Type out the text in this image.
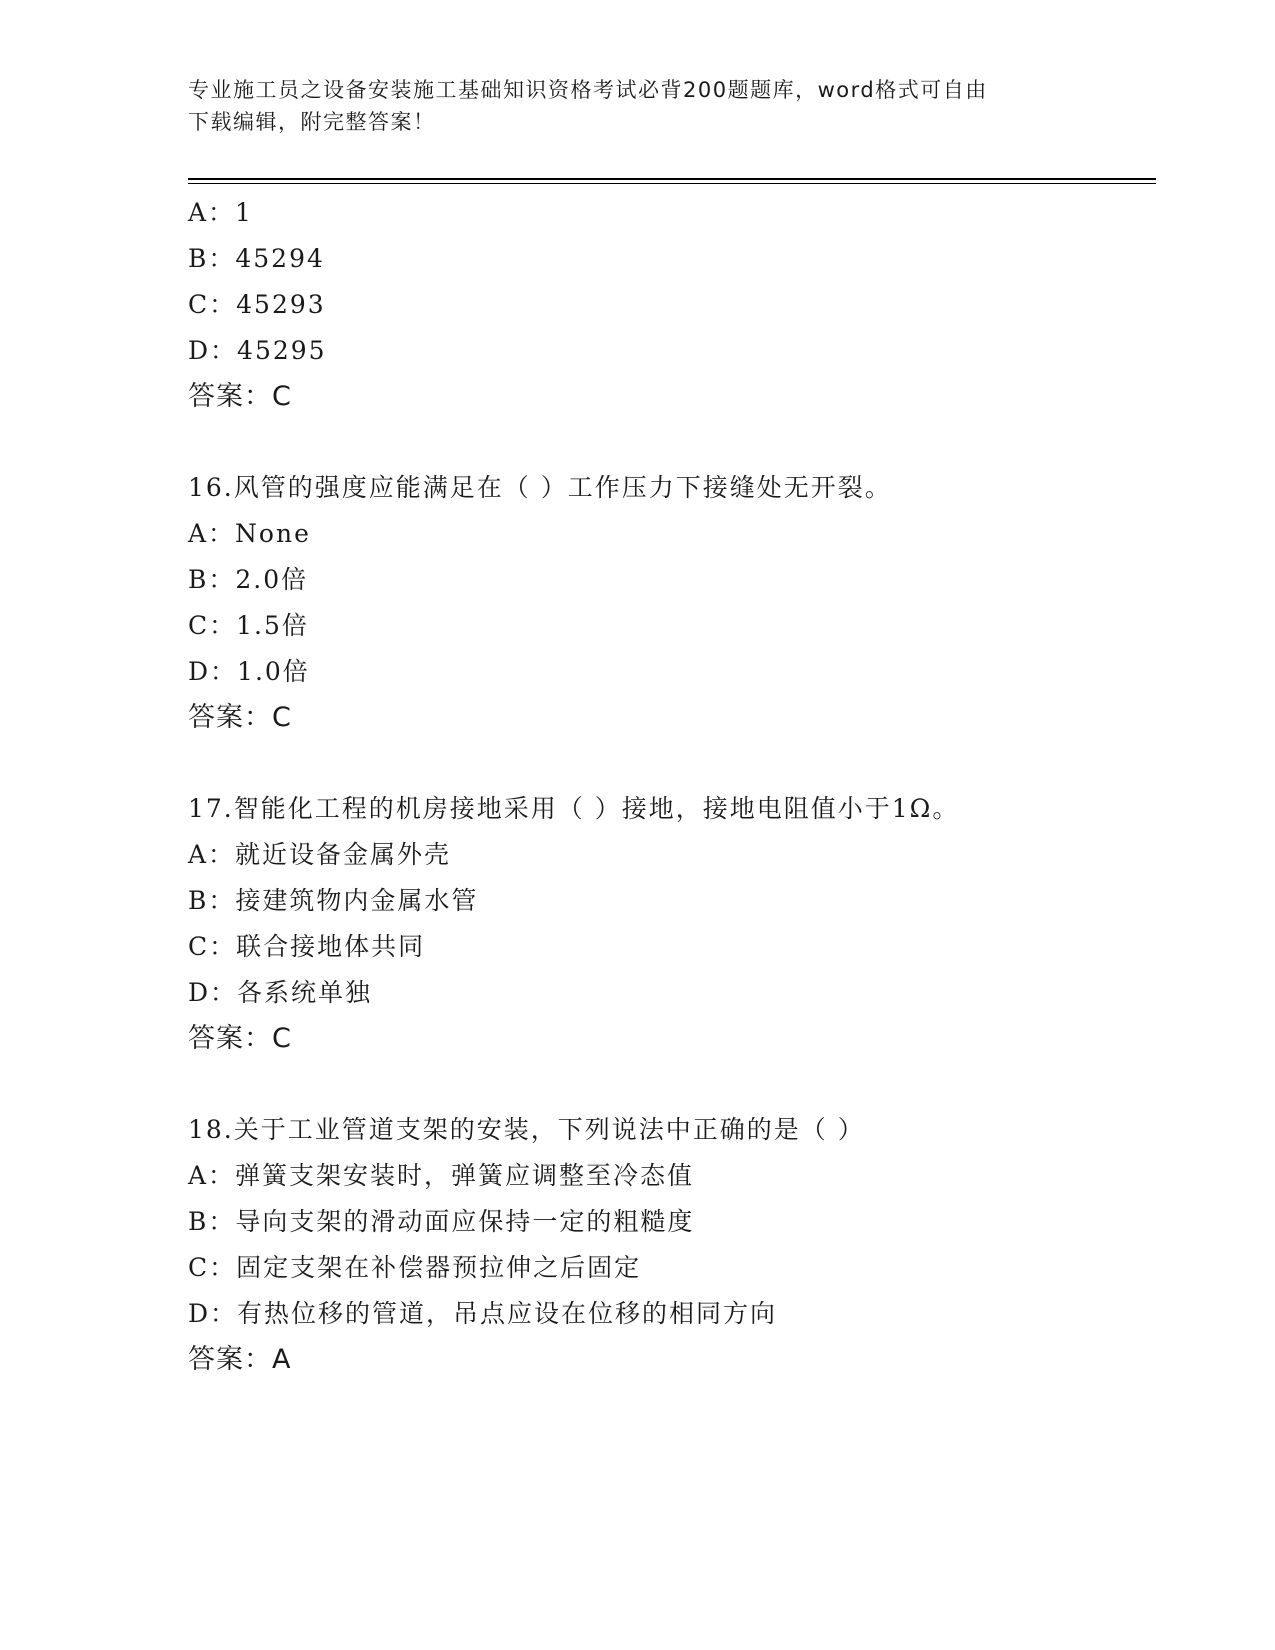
专业施工员之设备安装施工基础知识资格考试必背200题题库，word格式可自由
下载编辑，附完整答案！
A：1
B：45294
C：45293
D：45295
答案：C
16.风管的强度应能满足在（ ）工作压力下接缝处无开裂。
A：None
B：2.0倍
C：1.5倍
D：1.0倍
答案：C
17.智能化工程的机房接地采用（ ）接地，接地电阻值小于1Ω。
A：就近设备金属外壳
B：接建筑物内金属水管
C：联合接地体共同
D：各系统单独
答案：C
18.关于工业管道支架的安装，下列说法中正确的是（ ）
A：弹簧支架安装时，弹簧应调整至冷态值
B：导向支架的滑动面应保持一定的粗糙度
C：固定支架在补偿器预拉伸之后固定
D：有热位移的管道，吊点应设在位移的相同方向
答案：A
